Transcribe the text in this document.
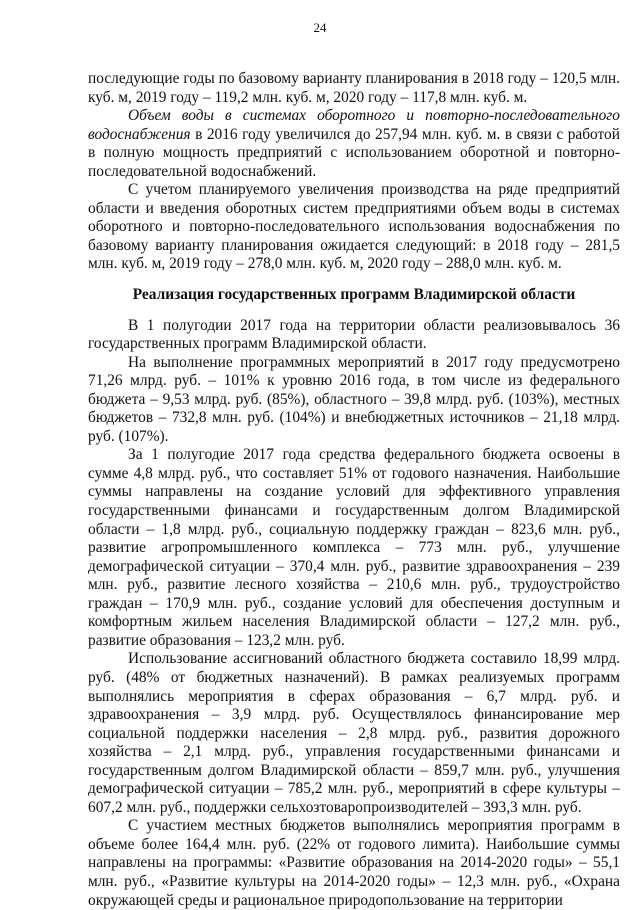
24

последующие годы по базовому варианту планирования в 2018 году – 120,5 млн. куб. м, 2019 году – 119,2 млн. куб. м, 2020 году – 117,8 млн. куб. м.

Объем воды в системах оборотного и повторно-последовательного водоснабжения в 2016 году увеличился до 257,94 млн. куб. м. в связи с работой в полную мощность предприятий с использованием оборотной и повторно-последовательной водоснабжений.

С учетом планируемого увеличения производства на ряде предприятий области и введения оборотных систем предприятиями объем воды в системах оборотного и повторно-последовательного использования водоснабжения по базовому варианту планирования ожидается следующий: в 2018 году – 281,5 млн. куб. м, 2019 году – 278,0 млн. куб. м, 2020 году – 288,0 млн. куб. м.

Реализация государственных программ Владимирской области

В 1 полугодии 2017 года на территории области реализовывалось 36 государственных программ Владимирской области.

На выполнение программных мероприятий в 2017 году предусмотрено 71,26 млрд. руб. – 101% к уровню 2016 года, в том числе из федерального бюджета – 9,53 млрд. руб. (85%), областного – 39,8 млрд. руб. (103%), местных бюджетов – 732,8 млн. руб. (104%) и внебюджетных источников – 21,18 млрд. руб. (107%).

За 1 полугодие 2017 года средства федерального бюджета освоены в сумме 4,8 млрд. руб., что составляет 51% от годового назначения. Наибольшие суммы направлены на создание условий для эффективного управления государственными финансами и государственным долгом Владимирской области – 1,8 млрд. руб., социальную поддержку граждан – 823,6 млн. руб., развитие агропромышленного комплекса – 773 млн. руб., улучшение демографической ситуации – 370,4 млн. руб., развитие здравоохранения – 239 млн. руб., развитие лесного хозяйства – 210,6 млн. руб., трудоустройство граждан – 170,9 млн. руб., создание условий для обеспечения доступным и комфортным жильем населения Владимирской области – 127,2 млн. руб., развитие образования – 123,2 млн. руб.

Использование ассигнований областного бюджета составило 18,99 млрд. руб. (48% от бюджетных назначений). В рамках реализуемых программ выполнялись мероприятия в сферах образования – 6,7 млрд. руб. и здравоохранения – 3,9 млрд. руб. Осуществлялось финансирование мер социальной поддержки населения – 2,8 млрд. руб., развития дорожного хозяйства – 2,1 млрд. руб., управления государственными финансами и государственным долгом Владимирской области – 859,7 млн. руб., улучшения демографической ситуации – 785,2 млн. руб., мероприятий в сфере культуры – 607,2 млн. руб., поддержки сельхозтоваропроизводителей – 393,3 млн. руб.

С участием местных бюджетов выполнялись мероприятия программ в объеме более 164,4 млн. руб. (22% от годового лимита). Наибольшие суммы направлены на программы: «Развитие образования на 2014-2020 годы» – 55,1 млн. руб., «Развитие культуры на 2014-2020 годы» – 12,3 млн. руб., «Охрана окружающей среды и рациональное природопользование на территории
